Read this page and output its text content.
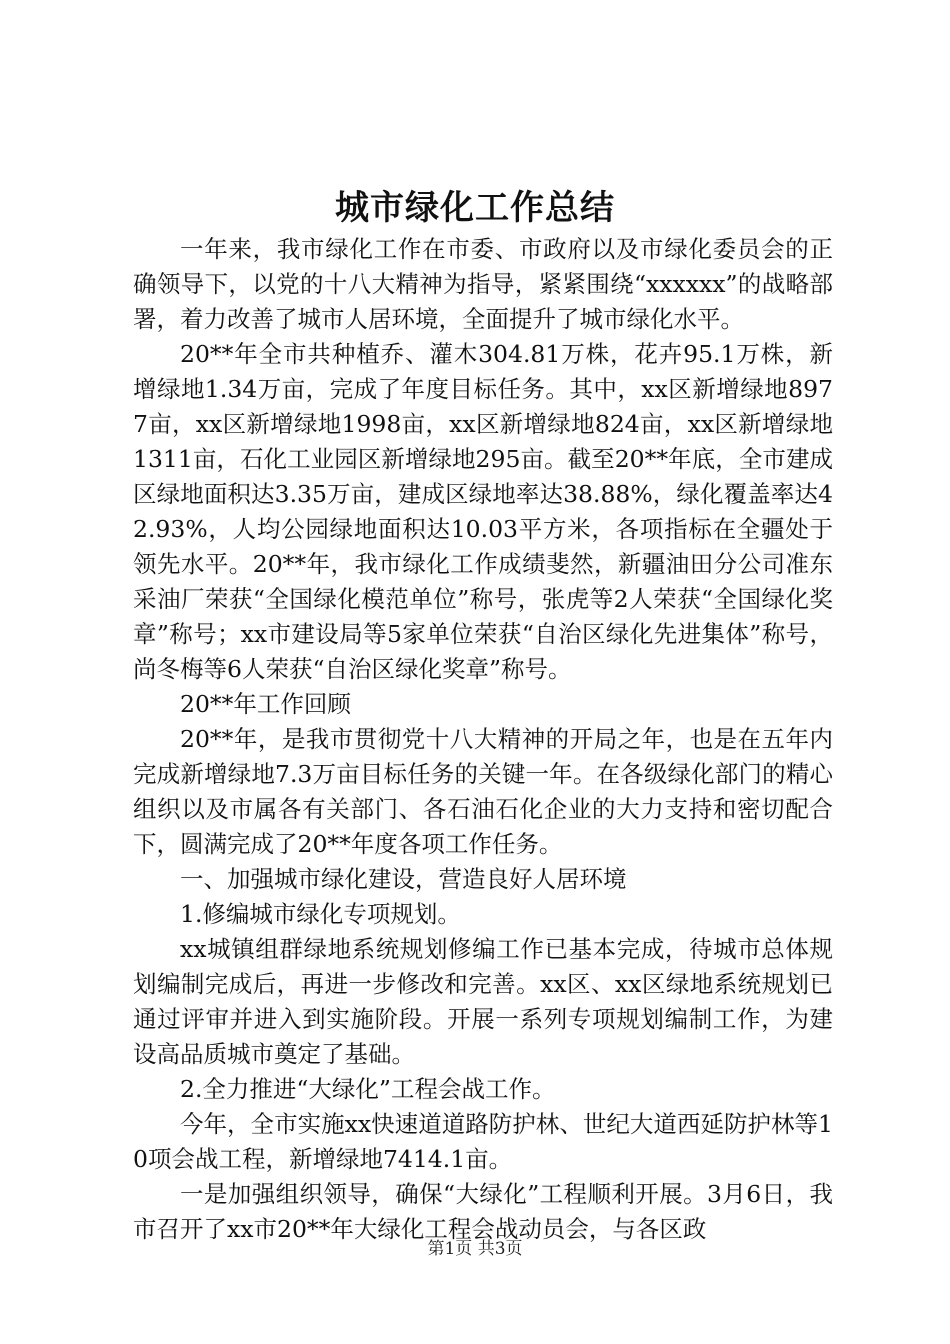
城市绿化工作总结

一年来，我市绿化工作在市委、市政府以及市绿化委员会的正确领导下，以党的十八大精神为指导，紧紧围绕“xxxxxx”的战略部署，着力改善了城市人居环境，全面提升了城市绿化水平。

20**年全市共种植乔、灌木304.81万株，花卉95.1万株，新增绿地1.34万亩，完成了年度目标任务。其中，xx区新增绿地8977亩，xx区新增绿地1998亩，xx区新增绿地824亩，xx区新增绿地1311亩，石化工业园区新增绿地295亩。截至20**年底，全市建成区绿地面积达3.35万亩，建成区绿地率达38.88%，绿化覆盖率达42.93%，人均公园绿地面积达10.03平方米，各项指标在全疆处于领先水平。20**年，我市绿化工作成绩斐然，新疆油田分公司准东采油厂荣获“全国绿化模范单位”称号，张虎等2人荣获“全国绿化奖章”称号；xx市建设局等5家单位荣获“自治区绿化先进集体”称号，尚冬梅等6人荣获“自治区绿化奖章”称号。

20**年工作回顾

20**年，是我市贯彻党十八大精神的开局之年，也是在五年内完成新增绿地7.3万亩目标任务的关键一年。在各级绿化部门的精心组织以及市属各有关部门、各石油石化企业的大力支持和密切配合下，圆满完成了20**年度各项工作任务。

一、加强城市绿化建设，营造良好人居环境

1.修编城市绿化专项规划。

xx城镇组群绿地系统规划修编工作已基本完成，待城市总体规划编制完成后，再进一步修改和完善。xx区、xx区绿地系统规划已通过评审并进入到实施阶段。开展一系列专项规划编制工作，为建设高品质城市奠定了基础。

2.全力推进“大绿化”工程会战工作。

今年，全市实施xx快速道道路防护林、世纪大道西延防护林等10项会战工程，新增绿地7414.1亩。

一是加强组织领导，确保“大绿化”工程顺利开展。3月6日，我市召开了xx市20**年大绿化工程会战动员会，与各区政

第1页 共3页
